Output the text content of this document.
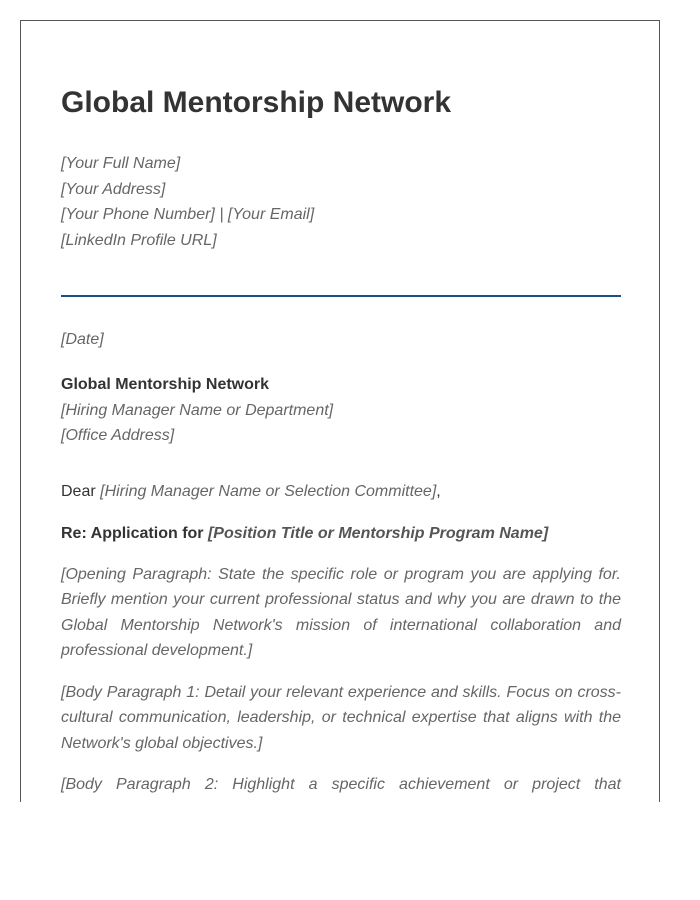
Global Mentorship Network
[Your Full Name]
[Your Address]
[Your Phone Number] | [Your Email]
[LinkedIn Profile URL]
[Date]
Global Mentorship Network
[Hiring Manager Name or Department]
[Office Address]
Dear [Hiring Manager Name or Selection Committee],
Re: Application for [Position Title or Mentorship Program Name]
[Opening Paragraph: State the specific role or program you are applying for. Briefly mention your current professional status and why you are drawn to the Global Mentorship Network's mission of international collaboration and professional development.]
[Body Paragraph 1: Detail your relevant experience and skills. Focus on cross-cultural communication, leadership, or technical expertise that aligns with the Network's global objectives.]
[Body Paragraph 2: Highlight a specific achievement or project that
